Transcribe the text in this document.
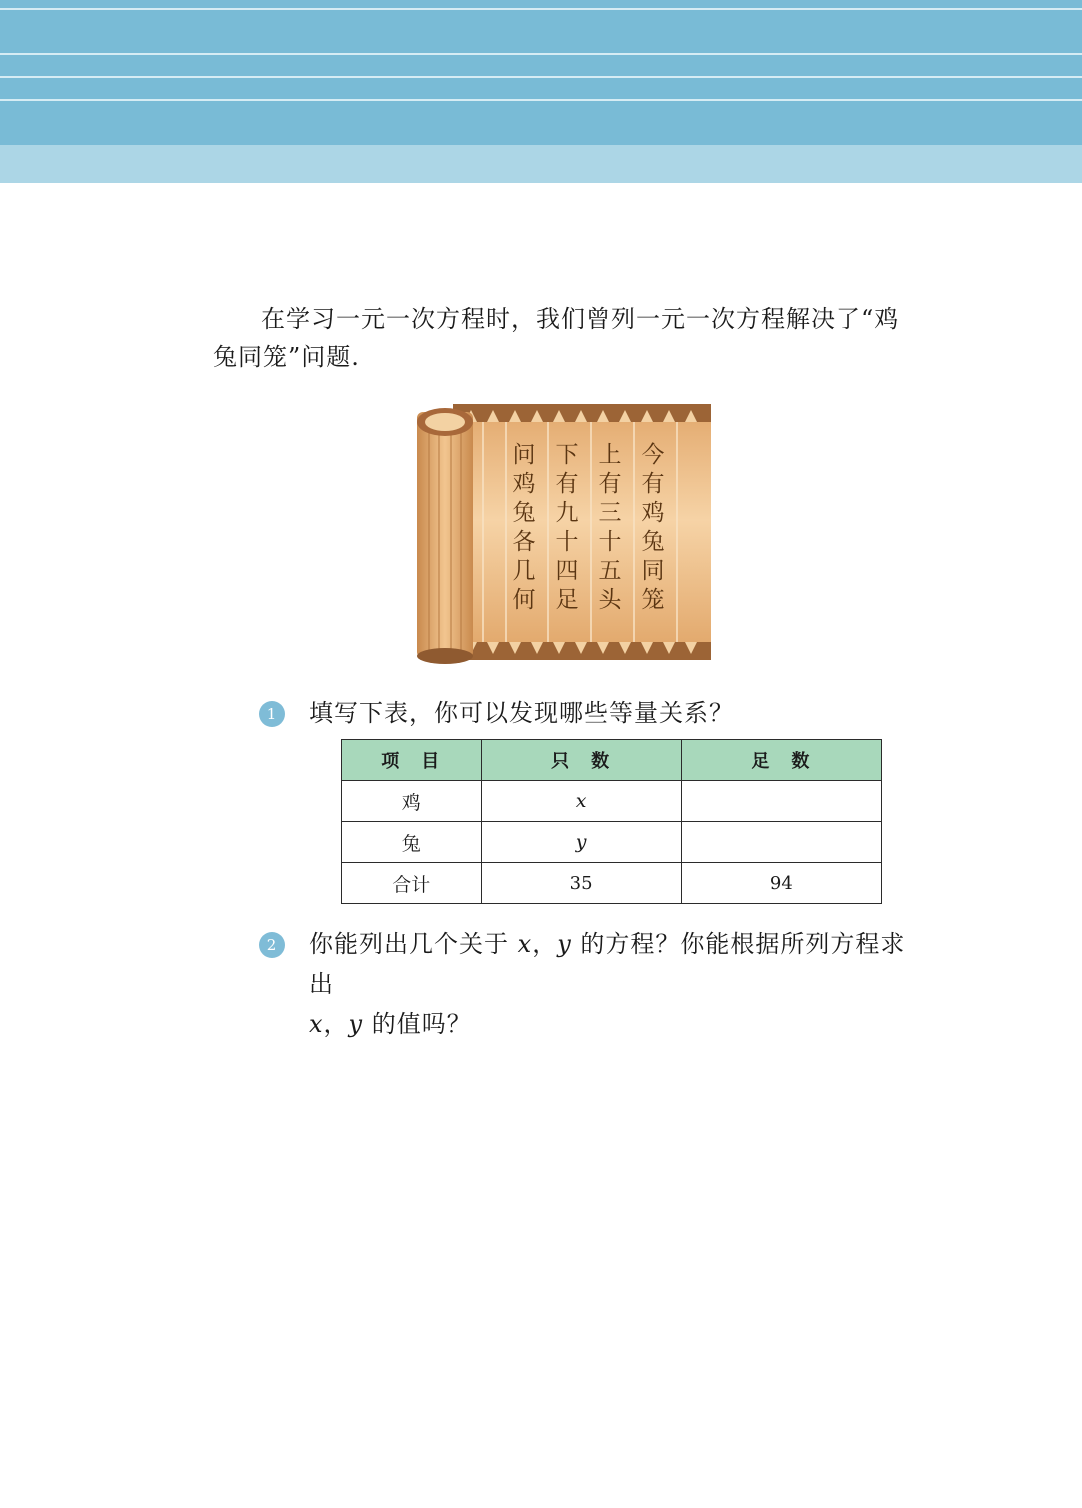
在学习一元一次方程时，我们曾列一元一次方程解决了“鸡兔同笼”问题.
今有鸡兔同笼
上有三十五头
下有九十四足
问鸡兔各几何
1	填写下表，你可以发现哪些等量关系？
项　目	只　数	足　数
鸡	x	
兔	y	
合计	35	94
2	你能列出几个关于 x，y 的方程？你能根据所列方程求出
x，y 的值吗？
